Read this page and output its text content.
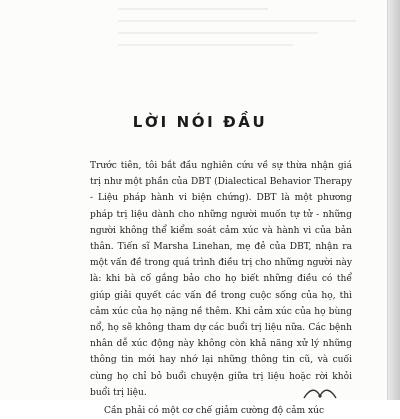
LỜI NÓI ĐẦU

Trước tiên, tôi bắt đầu nghiên cứu về sự thừa nhận giá trị như một phần của DBT (Dialectical Behavior Therapy - Liệu pháp hành vi biện chứng). DBT là một phương pháp trị liệu dành cho những người muốn tự tử - những người không thể kiểm soát cảm xúc và hành vi của bản thân. Tiến sĩ Marsha Linehan, mẹ đẻ của DBT, nhận ra một vấn đề trong quá trình điều trị cho những người này là: khi bà cố gắng bảo cho họ biết những điều có thể giúp giải quyết các vấn đề trong cuộc sống của họ, thì cảm xúc của họ nặng nề thêm. Khi cảm xúc của họ bùng nổ, họ sẽ không tham dự các buổi trị liệu nữa. Các bệnh nhân dễ xúc động này không còn khả năng xử lý những thông tin mới hay nhớ lại những thông tin cũ, và cuối cùng họ chỉ bỏ buổi chuyện giữa trị liệu hoặc rời khỏi buổi trị liệu.

Cần phải có một cơ chế giảm cường độ cảm xúc
